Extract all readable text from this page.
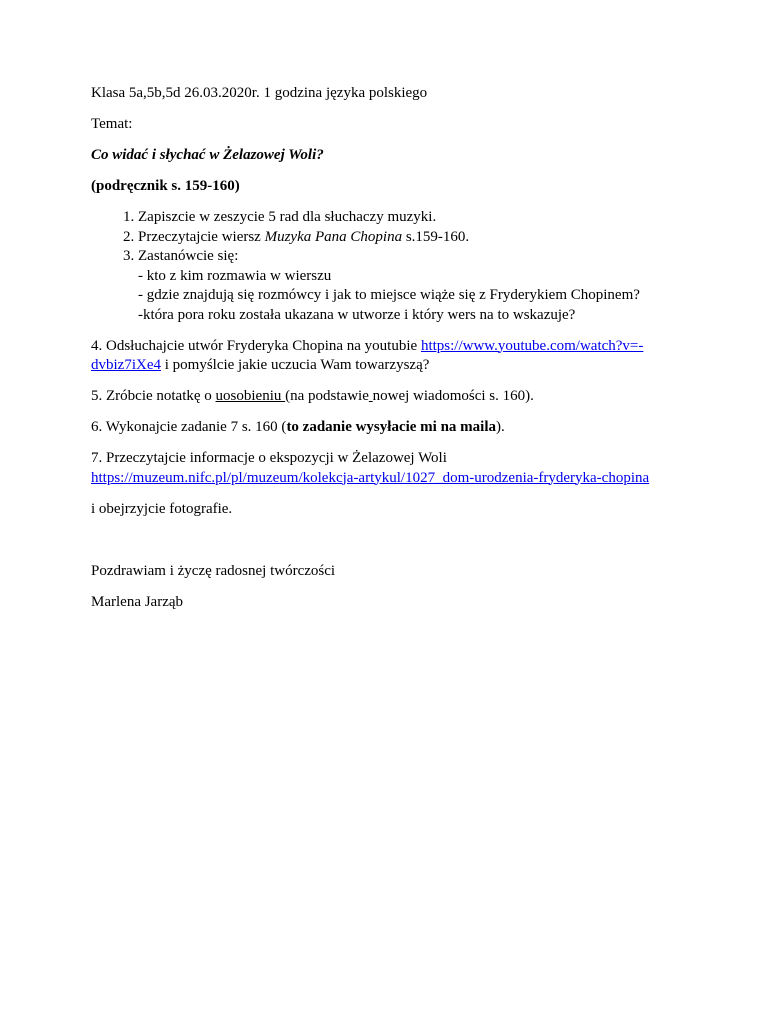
Klasa 5a,5b,5d 26.03.2020r. 1 godzina języka polskiego

Temat:

Co widać i słychać w Żelazowej Woli?

(podręcznik s. 159-160)

1. Zapiszcie w zeszycie 5 rad dla słuchaczy muzyki.
2. Przeczytajcie wiersz Muzyka Pana Chopina s.159-160.
3. Zastanówcie się:
- kto z kim rozmawia w wierszu
- gdzie znajdują się rozmówcy i jak to miejsce wiąże się z Fryderykiem Chopinem?
-która pora roku została ukazana w utworze i który wers na to wskazuje?

4. Odsłuchajcie utwór Fryderyka Chopina na youtubie https://www.youtube.com/watch?v=-dvbiz7iXe4 i pomyślcie jakie uczucia Wam towarzyszą?

5. Zróbcie notatkę o uosobieniu (na podstawie nowej wiadomości s. 160).

6. Wykonajcie zadanie 7 s. 160 (to zadanie wysyłacie mi na maila).

7. Przeczytajcie informacje o ekspozycji w Żelazowej Woli
https://muzeum.nifc.pl/pl/muzeum/kolekcja-artykul/1027_dom-urodzenia-fryderyka-chopina

i obejrzyjcie fotografie.

Pozdrawiam i życzę radosnej twórczości

Marlena Jarząb
